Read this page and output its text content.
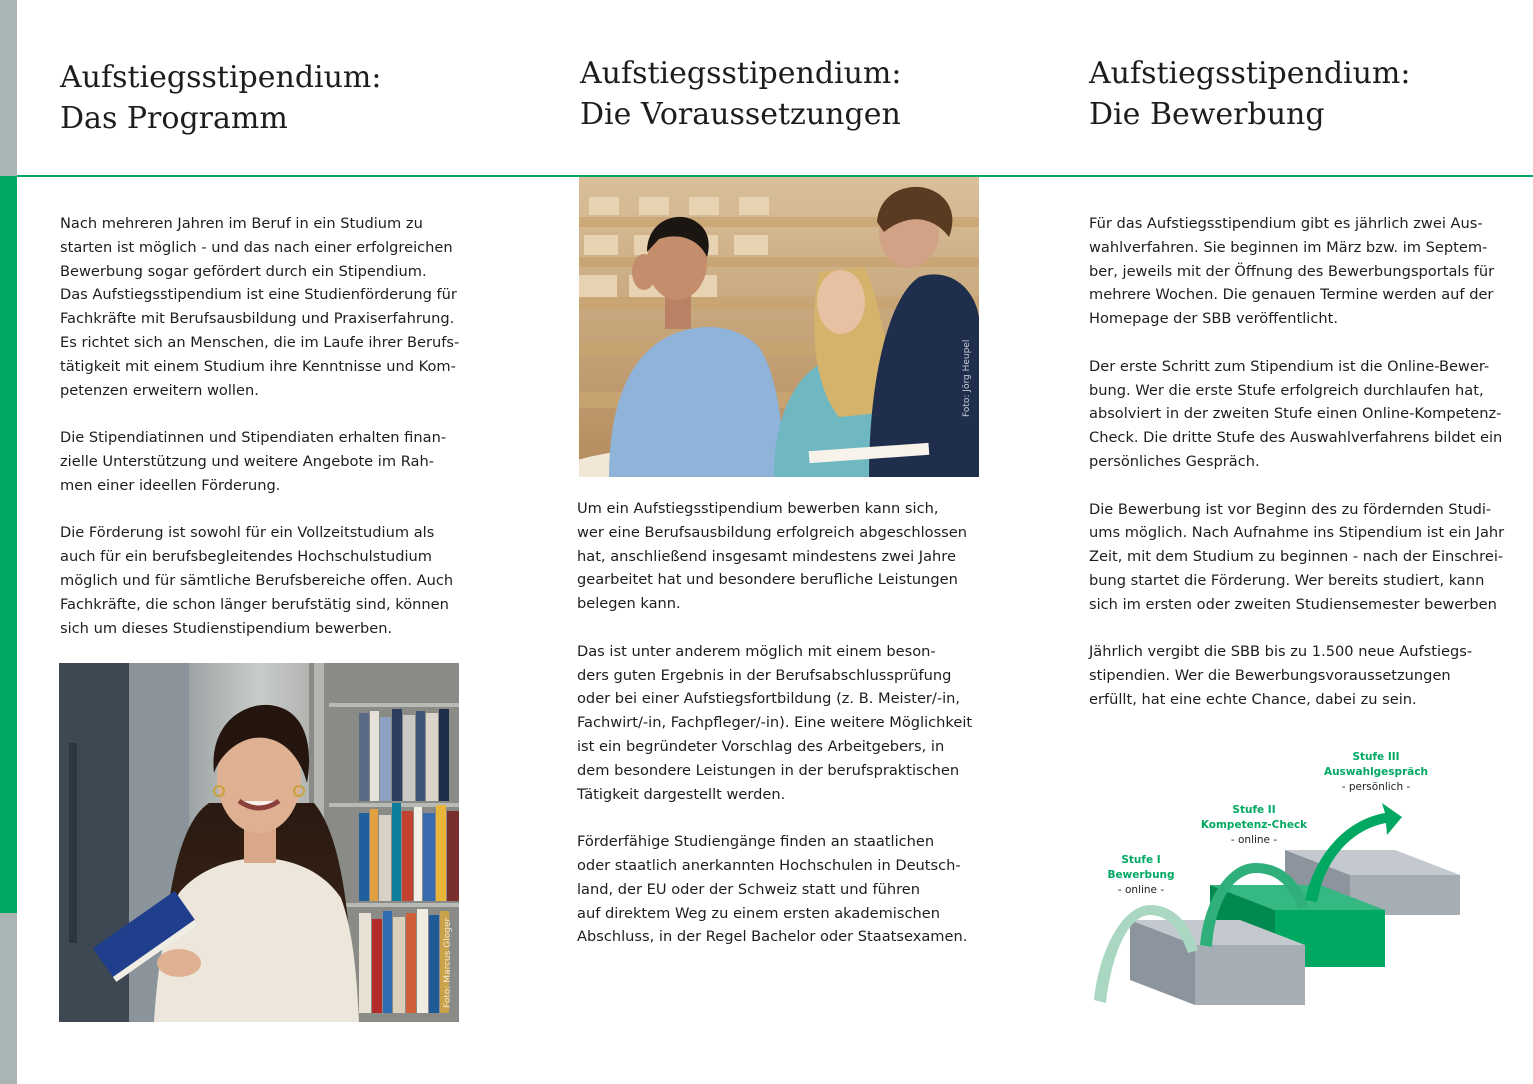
Aufstiegsstipendium:
Das Programm

Nach mehreren Jahren im Beruf in ein Studium zu
starten ist möglich - und das nach einer erfolgreichen
Bewerbung sogar gefördert durch ein Stipendium.
Das Aufstiegsstipendium ist eine Studienförderung für
Fachkräfte mit Berufsausbildung und Praxiserfahrung.
Es richtet sich an Menschen, die im Laufe ihrer Berufs-
tätigkeit mit einem Studium ihre Kenntnisse und Kom-
petenzen erweitern wollen.

Die Stipendiatinnen und Stipendiaten erhalten finan-
zielle Unterstützung und weitere Angebote im Rah-
men einer ideellen Förderung.

Die Förderung ist sowohl für ein Vollzeitstudium als
auch für ein berufsbegleitendes Hochschulstudium
möglich und für sämtliche Berufsbereiche offen. Auch
Fachkräfte, die schon länger berufstätig sind, können
sich um dieses Studienstipendium bewerben.

Foto: Marcus Gloger
Aufstiegsstipendium:
Die Voraussetzungen
Foto: Jörg Heupel

Um ein Aufstiegsstipendium bewerben kann sich,
wer eine Berufsausbildung erfolgreich abgeschlossen
hat, anschließend insgesamt mindestens zwei Jahre
gearbeitet hat und besondere berufliche Leistungen
belegen kann.

Das ist unter anderem möglich mit einem beson-
ders guten Ergebnis in der Berufsabschlussprüfung
oder bei einer Aufstiegsfortbildung (z. B. Meister/-in,
Fachwirt/-in, Fachpfleger/-in). Eine weitere Möglichkeit
ist ein begründeter Vorschlag des Arbeitgebers, in
dem besondere Leistungen in der berufspraktischen
Tätigkeit dargestellt werden.

Förderfähige Studiengänge finden an staatlichen
oder staatlich anerkannten Hochschulen in Deutsch-
land, der EU oder der Schweiz statt und führen
auf direktem Weg zu einem ersten akademischen
Abschluss, in der Regel Bachelor oder Staatsexamen.

Aufstiegsstipendium:
Die Bewerbung

Für das Aufstiegsstipendium gibt es jährlich zwei Aus-
wahlverfahren. Sie beginnen im März bzw. im Septem-
ber, jeweils mit der Öffnung des Bewerbungsportals für
mehrere Wochen. Die genauen Termine werden auf der
Homepage der SBB veröffentlicht.

Der erste Schritt zum Stipendium ist die Online-Bewer-
bung. Wer die erste Stufe erfolgreich durchlaufen hat,
absolviert in der zweiten Stufe einen Online-Kompetenz-
Check. Die dritte Stufe des Auswahlverfahrens bildet ein
persönliches Gespräch.

Die Bewerbung ist vor Beginn des zu fördernden Studi-
ums möglich. Nach Aufnahme ins Stipendium ist ein Jahr
Zeit, mit dem Studium zu beginnen - nach der Einschrei-
bung startet die Förderung. Wer bereits studiert, kann
sich im ersten oder zweiten Studiensemester bewerben

Jährlich vergibt die SBB bis zu 1.500 neue Aufstiegs-
stipendien. Wer die Bewerbungsvoraussetzungen
erfüllt, hat eine echte Chance, dabei zu sein.

Stufe I
Bewerbung
- online -
Stufe II
Kompetenz-Check
- online -
Stufe III
Auswahlgespräch
- persönlich -
